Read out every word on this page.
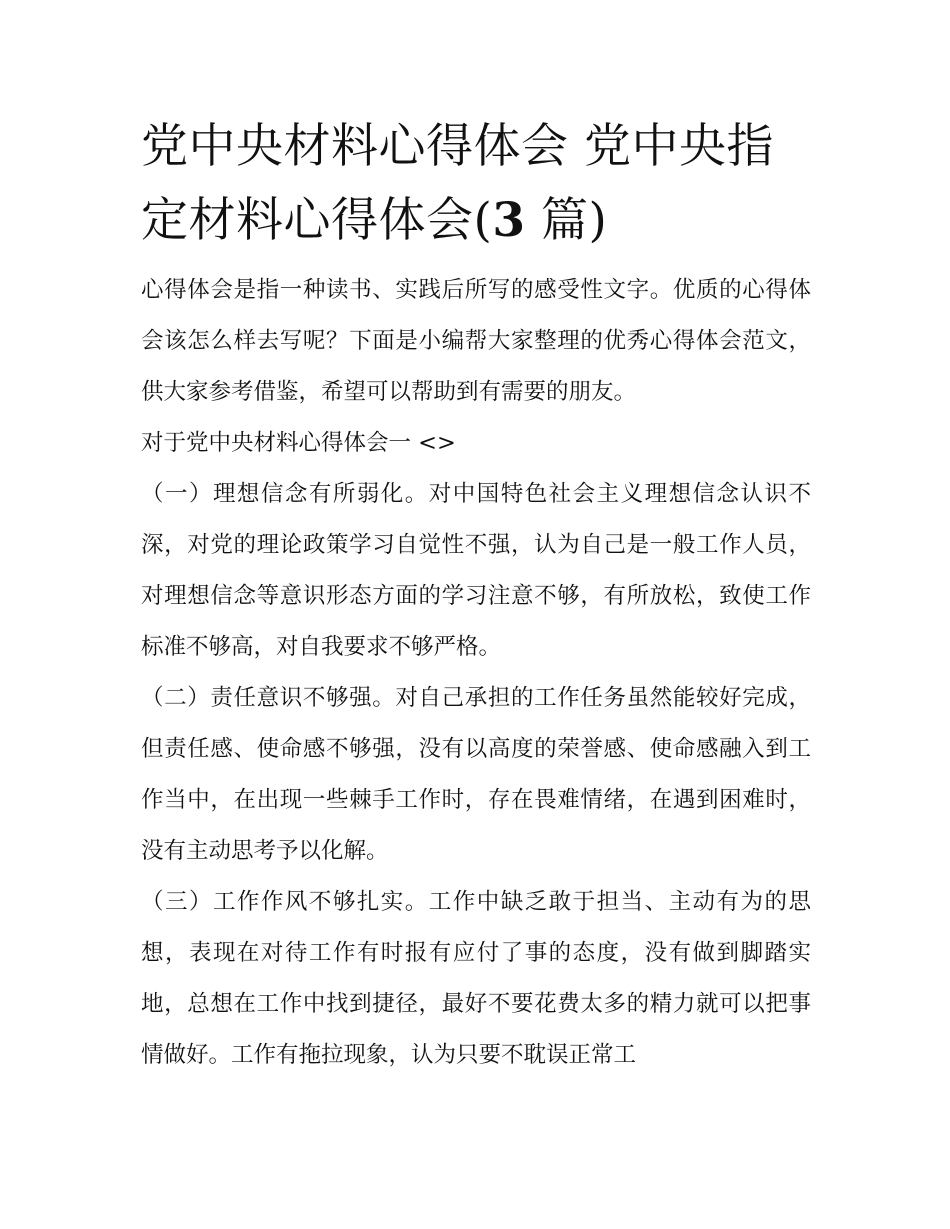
党中央材料心得体会 党中央指定材料心得体会(3 篇)

心得体会是指一种读书、实践后所写的感受性文字。优质的心得体会该怎么样去写呢？下面是小编帮大家整理的优秀心得体会范文，供大家参考借鉴，希望可以帮助到有需要的朋友。

对于党中央材料心得体会一 <>

（一）理想信念有所弱化。对中国特色社会主义理想信念认识不深，对党的理论政策学习自觉性不强，认为自己是一般工作人员，对理想信念等意识形态方面的学习注意不够，有所放松，致使工作标准不够高，对自我要求不够严格。

（二）责任意识不够强。对自己承担的工作任务虽然能较好完成，但责任感、使命感不够强，没有以高度的荣誉感、使命感融入到工作当中，在出现一些棘手工作时，存在畏难情绪，在遇到困难时，没有主动思考予以化解。

（三）工作作风不够扎实。工作中缺乏敢于担当、主动有为的思想，表现在对待工作有时报有应付了事的态度，没有做到脚踏实地，总想在工作中找到捷径，最好不要花费太多的精力就可以把事情做好。工作有拖拉现象，认为只要不耽误正常工
